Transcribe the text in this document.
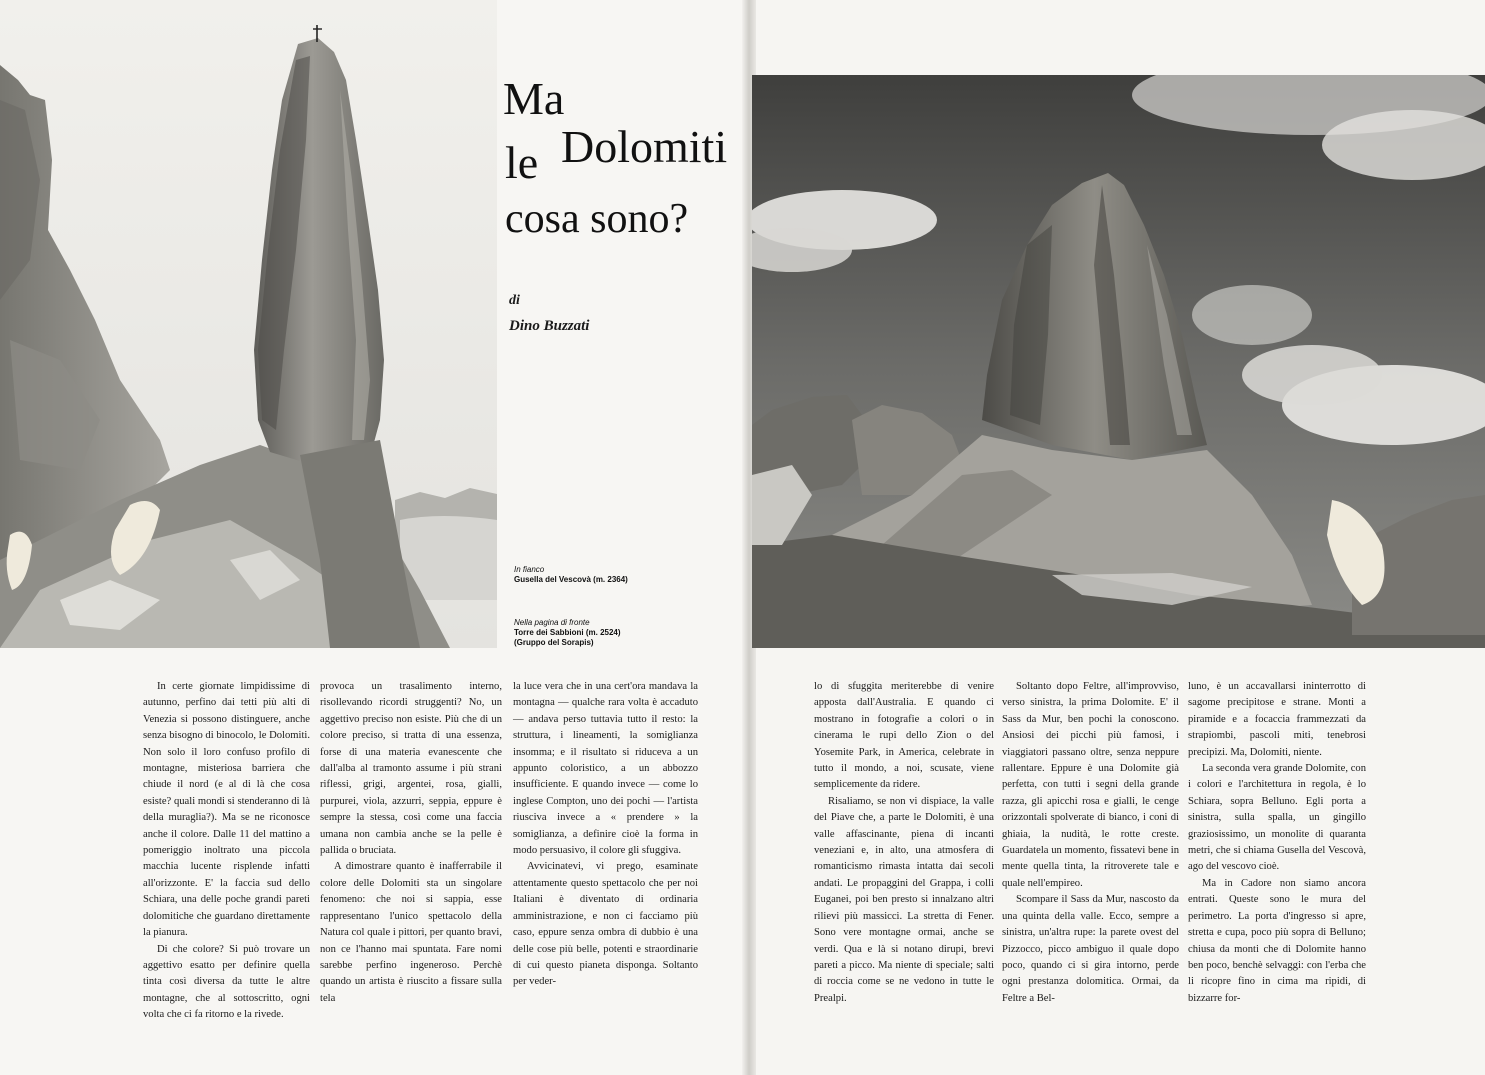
Ma
le Dolomiti
cosa sono?
di
Dino Buzzati
In fianco
Gusella del Vescovà (m. 2364)
Nella pagina di fronte
Torre dei Sabbioni (m. 2524)
(Gruppo del Sorapis)

In certe giornate limpidissime di autunno, perfino dai tetti più alti di Venezia si possono distinguere, anche senza bisogno di binocolo, le Dolomiti. Non solo il loro confuso profilo di montagne, misteriosa barriera che chiude il nord (e al di là che cosa esiste? quali mondi si stenderanno di là della muraglia?). Ma se ne riconosce anche il colore. Dalle 11 del mattino a pomeriggio inoltrato una piccola macchia lucente risplende infatti all'orizzonte. E' la faccia sud dello Schiara, una delle poche grandi pareti dolomitiche che guardano direttamente la pianura.

Di che colore? Si può trovare un aggettivo esatto per definire quella tinta così diversa da tutte le altre montagne, che al sottoscritto, ogni volta che ci fa ritorno e la rivede.

provoca un trasalimento interno, risollevando ricordi struggenti? No, un aggettivo preciso non esiste. Più che di un colore preciso, si tratta di una essenza, forse di una materia evanescente che dall'alba al tramonto assume i più strani riflessi, grigi, argentei, rosa, gialli, purpurei, viola, azzurri, seppia, eppure è sempre la stessa, così come una faccia umana non cambia anche se la pelle è pallida o bruciata.

A dimostrare quanto è inafferrabile il colore delle Dolomiti sta un singolare fenomeno: che noi si sappia, esse rappresentano l'unico spettacolo della Natura col quale i pittori, per quanto bravi, non ce l'hanno mai spuntata. Fare nomi sarebbe perfino ingeneroso. Perchè quando un artista è riuscito a fissare sulla tela

la luce vera che in una cert'ora mandava la montagna — qualche rara volta è accaduto — andava perso tuttavia tutto il resto: la struttura, i lineamenti, la somiglianza insomma; e il risultato si riduceva a un appunto coloristico, a un abbozzo insufficiente. E quando invece — come lo inglese Compton, uno dei pochi — l'artista riusciva invece a « prendere » la somiglianza, a definire cioè la forma in modo persuasivo, il colore gli sfuggiva.

Avvicinatevi, vi prego, esaminate attentamente questo spettacolo che per noi Italiani è diventato di ordinaria amministrazione, e non ci facciamo più caso, eppure senza ombra di dubbio è una delle cose più belle, potenti e straordinarie di cui questo pianeta disponga. Soltanto per veder-

lo di sfuggita meriterebbe di venire apposta dall'Australia. E quando ci mostrano in fotografie a colori o in cinerama le rupi dello Zion o del Yosemite Park, in America, celebrate in tutto il mondo, a noi, scusate, viene semplicemente da ridere.

Risaliamo, se non vi dispiace, la valle del Piave che, a parte le Dolomiti, è una valle affascinante, piena di incanti veneziani e, in alto, una atmosfera di romanticismo rimasta intatta dai secoli andati. Le propaggini del Grappa, i colli Euganei, poi ben presto si innalzano altri rilievi più massicci. La stretta di Fener. Sono vere montagne ormai, anche se verdi. Qua e là si notano dirupi, brevi pareti a picco. Ma niente di speciale; salti di roccia come se ne vedono in tutte le Prealpi.

Soltanto dopo Feltre, all'improvviso, verso sinistra, la prima Dolomite. E' il Sass da Mur, ben pochi la conoscono. Ansiosi dei picchi più famosi, i viaggiatori passano oltre, senza neppure rallentare. Eppure è una Dolomite già perfetta, con tutti i segni della grande razza, gli apicchi rosa e gialli, le cenge orizzontali spolverate di bianco, i coni di ghiaia, la nudità, le rotte creste. Guardatela un momento, fissatevi bene in mente quella tinta, la ritroverete tale e quale nell'empireo.

Scompare il Sass da Mur, nascosto da una quinta della valle. Ecco, sempre a sinistra, un'altra rupe: la parete ovest del Pizzocco, picco ambiguo il quale dopo poco, quando ci si gira intorno, perde ogni prestanza dolomitica. Ormai, da Feltre a Bel-

luno, è un accavallarsi ininterrotto di sagome precipitose e strane. Monti a piramide e a focaccia frammezzati da strapiombi, pascoli miti, tenebrosi precipizi. Ma, Dolomiti, niente.

La seconda vera grande Dolomite, con i colori e l'architettura in regola, è lo Schiara, sopra Belluno. Egli porta a sinistra, sulla spalla, un gingillo graziosissimo, un monolite di quaranta metri, che si chiama Gusella del Vescovà, ago del vescovo cioè.

Ma in Cadore non siamo ancora entrati. Queste sono le mura del perimetro. La porta d'ingresso si apre, stretta e cupa, poco più sopra di Belluno; chiusa da monti che di Dolomite hanno ben poco, benchè selvaggi: con l'erba che li ricopre fino in cima ma ripidi, di bizzarre for-
